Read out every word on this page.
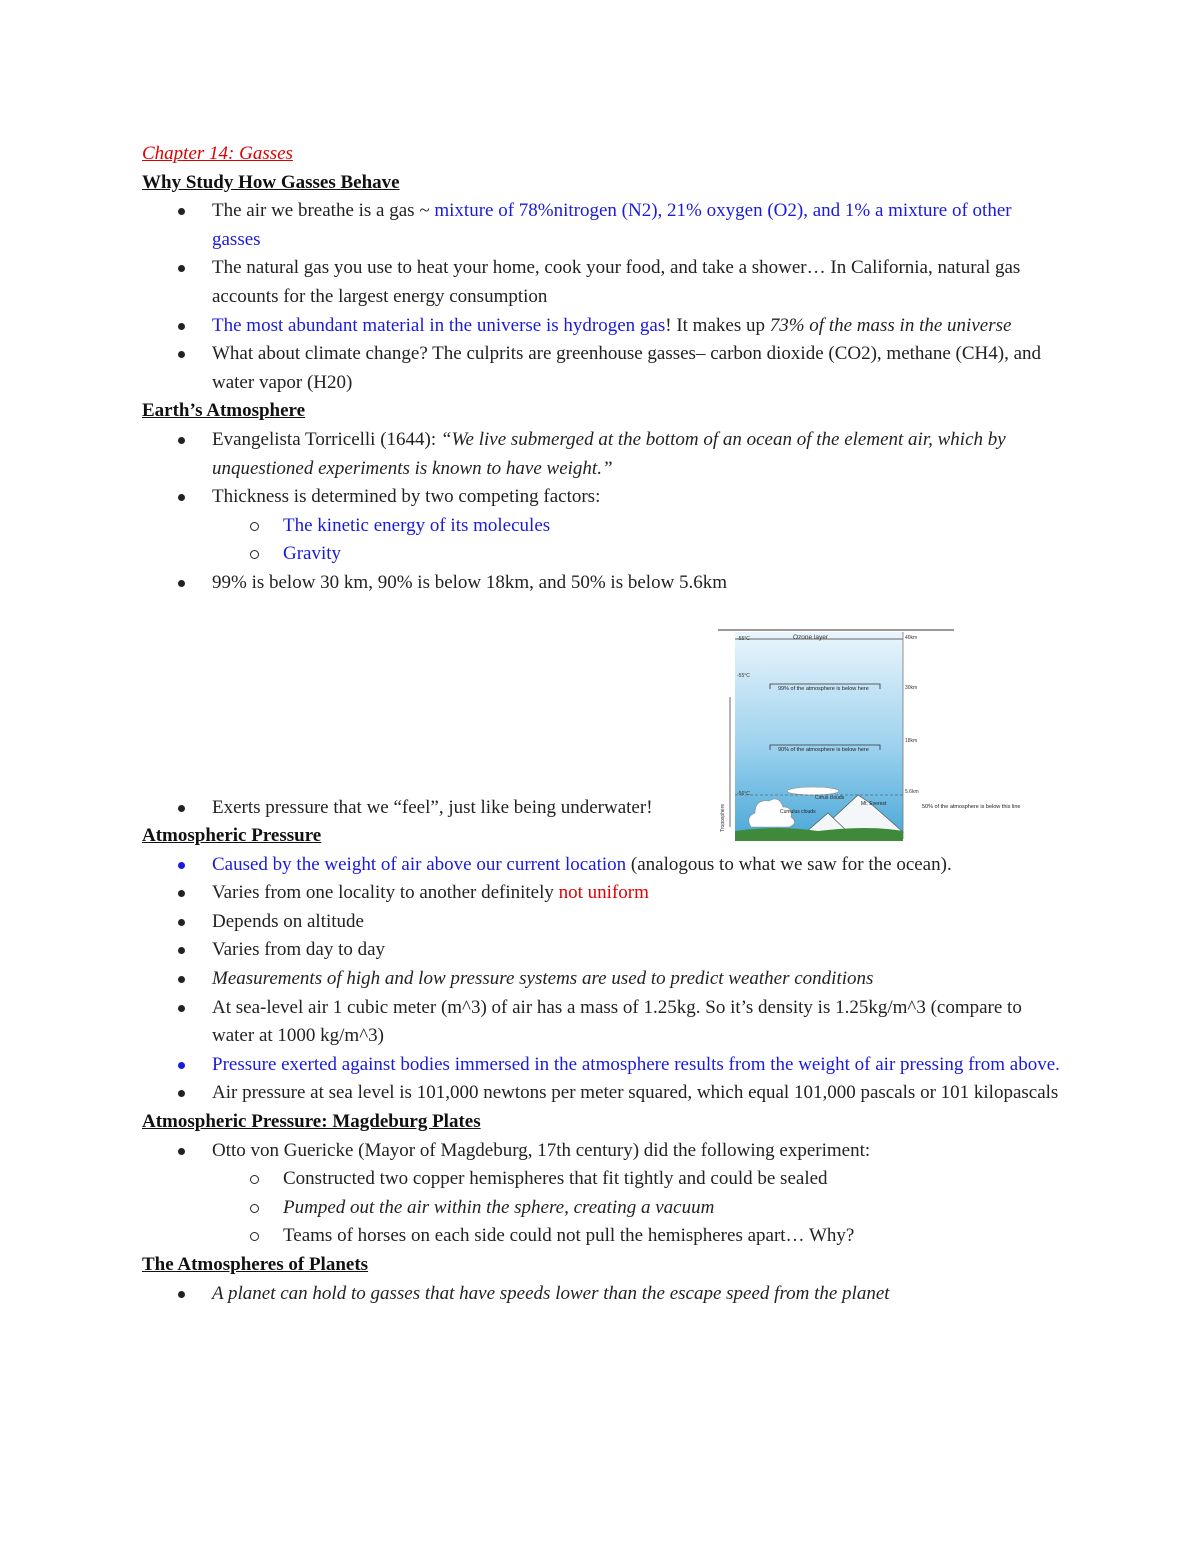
Chapter 14: Gasses
Why Study How Gasses Behave
The air we breathe is a gas ~ mixture of 78%nitrogen (N2), 21% oxygen (O2), and 1% a mixture of other gasses
The natural gas you use to heat your home, cook your food, and take a shower… In California, natural gas accounts for the largest energy consumption
The most abundant material in the universe is hydrogen gas! It makes up 73% of the mass in the universe
What about climate change? The culprits are greenhouse gasses– carbon dioxide (CO2), methane (CH4), and water vapor (H20)
Earth’s Atmosphere
Evangelista Torricelli (1644): “We live submerged at the bottom of an ocean of the element air, which by unquestioned experiments is known to have weight.”
Thickness is determined by two competing factors:
The kinetic energy of its molecules
Gravity
99% is below 30 km, 90% is below 18km, and 50% is below 5.6km
Exerts pressure that we “feel”, just like being underwater!
Atmospheric Pressure
Caused by the weight of air above our current location (analogous to what we saw for the ocean).
Varies from one locality to another definitely not uniform
Depends on altitude
Varies from day to day
Measurements of high and low pressure systems are used to predict weather conditions
At sea-level air 1 cubic meter (m^3) of air has a mass of 1.25kg. So it’s density is 1.25kg/m^3 (compare to water at 1000 kg/m^3)
Pressure exerted against bodies immersed in the atmosphere results from the weight of air pressing from above.
Air pressure at sea level is 101,000 newtons per meter squared, which equal 101,000 pascals or 101 kilopascals
Atmospheric Pressure: Magdeburg Plates
Otto von Guericke (Mayor of Magdeburg, 17th century) did the following experiment:
Constructed two copper hemispheres that fit tightly and could be sealed
Pumped out the air within the sphere, creating a vacuum
Teams of horses on each side could not pull the hemispheres apart… Why?
The Atmospheres of Planets
A planet can hold to gasses that have speeds lower than the escape speed from the planet
Ozone layer	40km
30km
18km
5.6km
-55°C
-55°C
-56°C
99% of the atmosphere is below here
90% of the atmosphere is below here
Troposphere
Cirrus clouds
Cumulus clouds
Mt. Everest	50% of the atmosphere is below this line
